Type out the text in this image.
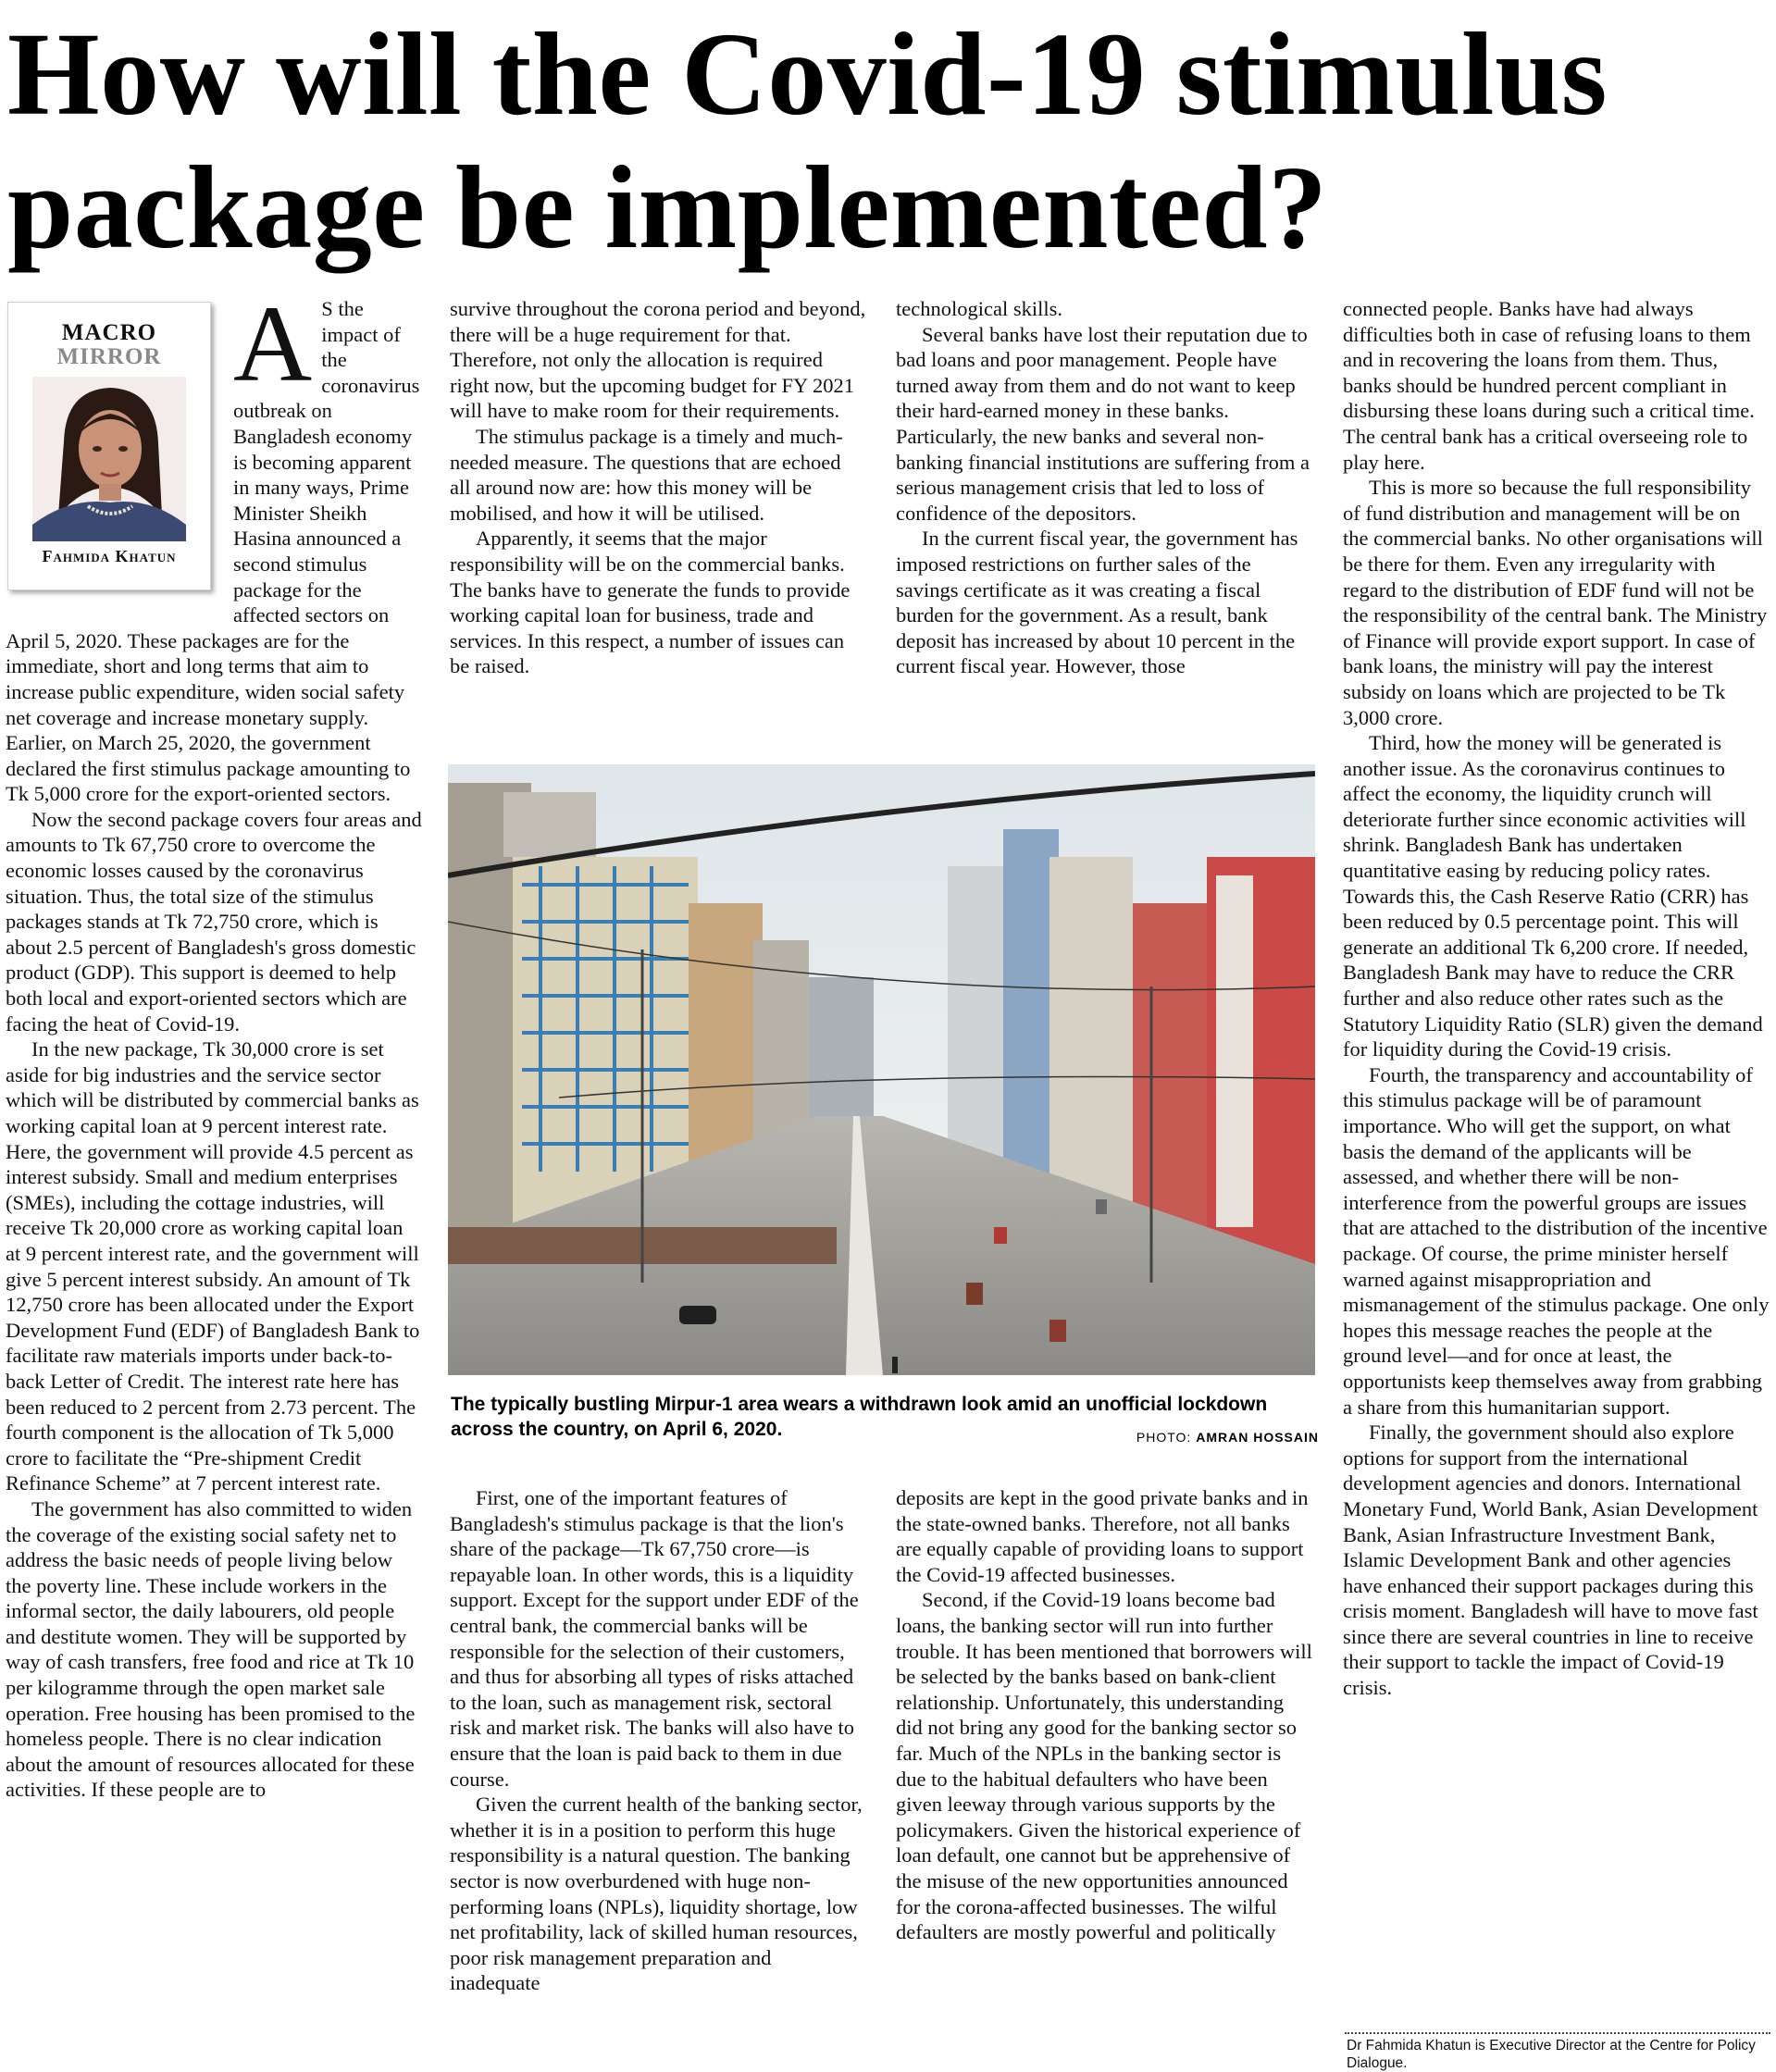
How will the Covid-19 stimulus package be implemented?
MACRO
MIRROR
Fahmida Khatun

A S the impact of the coronavirus outbreak on Bangladesh economy is becoming apparent in many ways, Prime Minister Sheikh Hasina announced a second stimulus package for the affected sectors on April 5, 2020. These packages are for the immediate, short and long terms that aim to increase public expenditure, widen social safety net coverage and increase monetary supply. Earlier, on March 25, 2020, the government declared the first stimulus package amounting to Tk 5,000 crore for the export-oriented sectors.

Now the second package covers four areas and amounts to Tk 67,750 crore to overcome the economic losses caused by the coronavirus situation. Thus, the total size of the stimulus packages stands at Tk 72,750 crore, which is about 2.5 percent of Bangladesh's gross domestic product (GDP). This support is deemed to help both local and export-oriented sectors which are facing the heat of Covid-19.

In the new package, Tk 30,000 crore is set aside for big industries and the service sector which will be distributed by commercial banks as working capital loan at 9 percent interest rate. Here, the government will provide 4.5 percent as interest subsidy. Small and medium enterprises (SMEs), including the cottage industries, will receive Tk 20,000 crore as working capital loan at 9 percent interest rate, and the government will give 5 percent interest subsidy. An amount of Tk 12,750 crore has been allocated under the Export Development Fund (EDF) of Bangladesh Bank to facilitate raw materials imports under back-to-back Letter of Credit. The interest rate here has been reduced to 2 percent from 2.73 percent. The fourth component is the allocation of Tk 5,000 crore to facilitate the “Pre-shipment Credit Refinance Scheme” at 7 percent interest rate.

The government has also committed to widen the coverage of the existing social safety net to address the basic needs of people living below the poverty line. These include workers in the informal sector, the daily labourers, old people and destitute women. They will be supported by way of cash transfers, free food and rice at Tk 10 per kilogramme through the open market sale operation. Free housing has been promised to the homeless people. There is no clear indication about the amount of resources allocated for these activities. If these people are to

survive throughout the corona period and beyond, there will be a huge requirement for that. Therefore, not only the allocation is required right now, but the upcoming budget for FY 2021 will have to make room for their requirements.

The stimulus package is a timely and much-needed measure. The questions that are echoed all around now are: how this money will be mobilised, and how it will be utilised.

Apparently, it seems that the major responsibility will be on the commercial banks. The banks have to generate the funds to provide working capital loan for business, trade and services. In this respect, a number of issues can be raised.

technological skills.

Several banks have lost their reputation due to bad loans and poor management. People have turned away from them and do not want to keep their hard-earned money in these banks. Particularly, the new banks and several non-banking financial institutions are suffering from a serious management crisis that led to loss of confidence of the depositors.

In the current fiscal year, the government has imposed restrictions on further sales of the savings certificate as it was creating a fiscal burden for the government. As a result, bank deposit has increased by about 10 percent in the current fiscal year. However, those

The typically bustling Mirpur-1 area wears a withdrawn look amid an unofficial lockdown across the country, on April 6, 2020.	PHOTO: AMRAN HOSSAIN

First, one of the important features of Bangladesh's stimulus package is that the lion's share of the package—Tk 67,750 crore—is repayable loan. In other words, this is a liquidity support. Except for the support under EDF of the central bank, the commercial banks will be responsible for the selection of their customers, and thus for absorbing all types of risks attached to the loan, such as management risk, sectoral risk and market risk. The banks will also have to ensure that the loan is paid back to them in due course.

Given the current health of the banking sector, whether it is in a position to perform this huge responsibility is a natural question. The banking sector is now overburdened with huge non-performing loans (NPLs), liquidity shortage, low net profitability, lack of skilled human resources, poor risk management preparation and inadequate

deposits are kept in the good private banks and in the state-owned banks. Therefore, not all banks are equally capable of providing loans to support the Covid-19 affected businesses.

Second, if the Covid-19 loans become bad loans, the banking sector will run into further trouble. It has been mentioned that borrowers will be selected by the banks based on bank-client relationship. Unfortunately, this understanding did not bring any good for the banking sector so far. Much of the NPLs in the banking sector is due to the habitual defaulters who have been given leeway through various supports by the policymakers. Given the historical experience of loan default, one cannot but be apprehensive of the misuse of the new opportunities announced for the corona-affected businesses. The wilful defaulters are mostly powerful and politically

connected people. Banks have had always difficulties both in case of refusing loans to them and in recovering the loans from them. Thus, banks should be hundred percent compliant in disbursing these loans during such a critical time. The central bank has a critical overseeing role to play here.

This is more so because the full responsibility of fund distribution and management will be on the commercial banks. No other organisations will be there for them. Even any irregularity with regard to the distribution of EDF fund will not be the responsibility of the central bank. The Ministry of Finance will provide export support. In case of bank loans, the ministry will pay the interest subsidy on loans which are projected to be Tk 3,000 crore.

Third, how the money will be generated is another issue. As the coronavirus continues to affect the economy, the liquidity crunch will deteriorate further since economic activities will shrink. Bangladesh Bank has undertaken quantitative easing by reducing policy rates. Towards this, the Cash Reserve Ratio (CRR) has been reduced by 0.5 percentage point. This will generate an additional Tk 6,200 crore. If needed, Bangladesh Bank may have to reduce the CRR further and also reduce other rates such as the Statutory Liquidity Ratio (SLR) given the demand for liquidity during the Covid-19 crisis.

Fourth, the transparency and accountability of this stimulus package will be of paramount importance. Who will get the support, on what basis the demand of the applicants will be assessed, and whether there will be non-interference from the powerful groups are issues that are attached to the distribution of the incentive package. Of course, the prime minister herself warned against misappropriation and mismanagement of the stimulus package. One only hopes this message reaches the people at the ground level—and for once at least, the opportunists keep themselves away from grabbing a share from this humanitarian support.

Finally, the government should also explore options for support from the international development agencies and donors. International Monetary Fund, World Bank, Asian Development Bank, Asian Infrastructure Investment Bank, Islamic Development Bank and other agencies have enhanced their support packages during this crisis moment. Bangladesh will have to move fast since there are several countries in line to receive their support to tackle the impact of Covid-19 crisis.

Dr Fahmida Khatun is Executive Director at the Centre for Policy Dialogue.
